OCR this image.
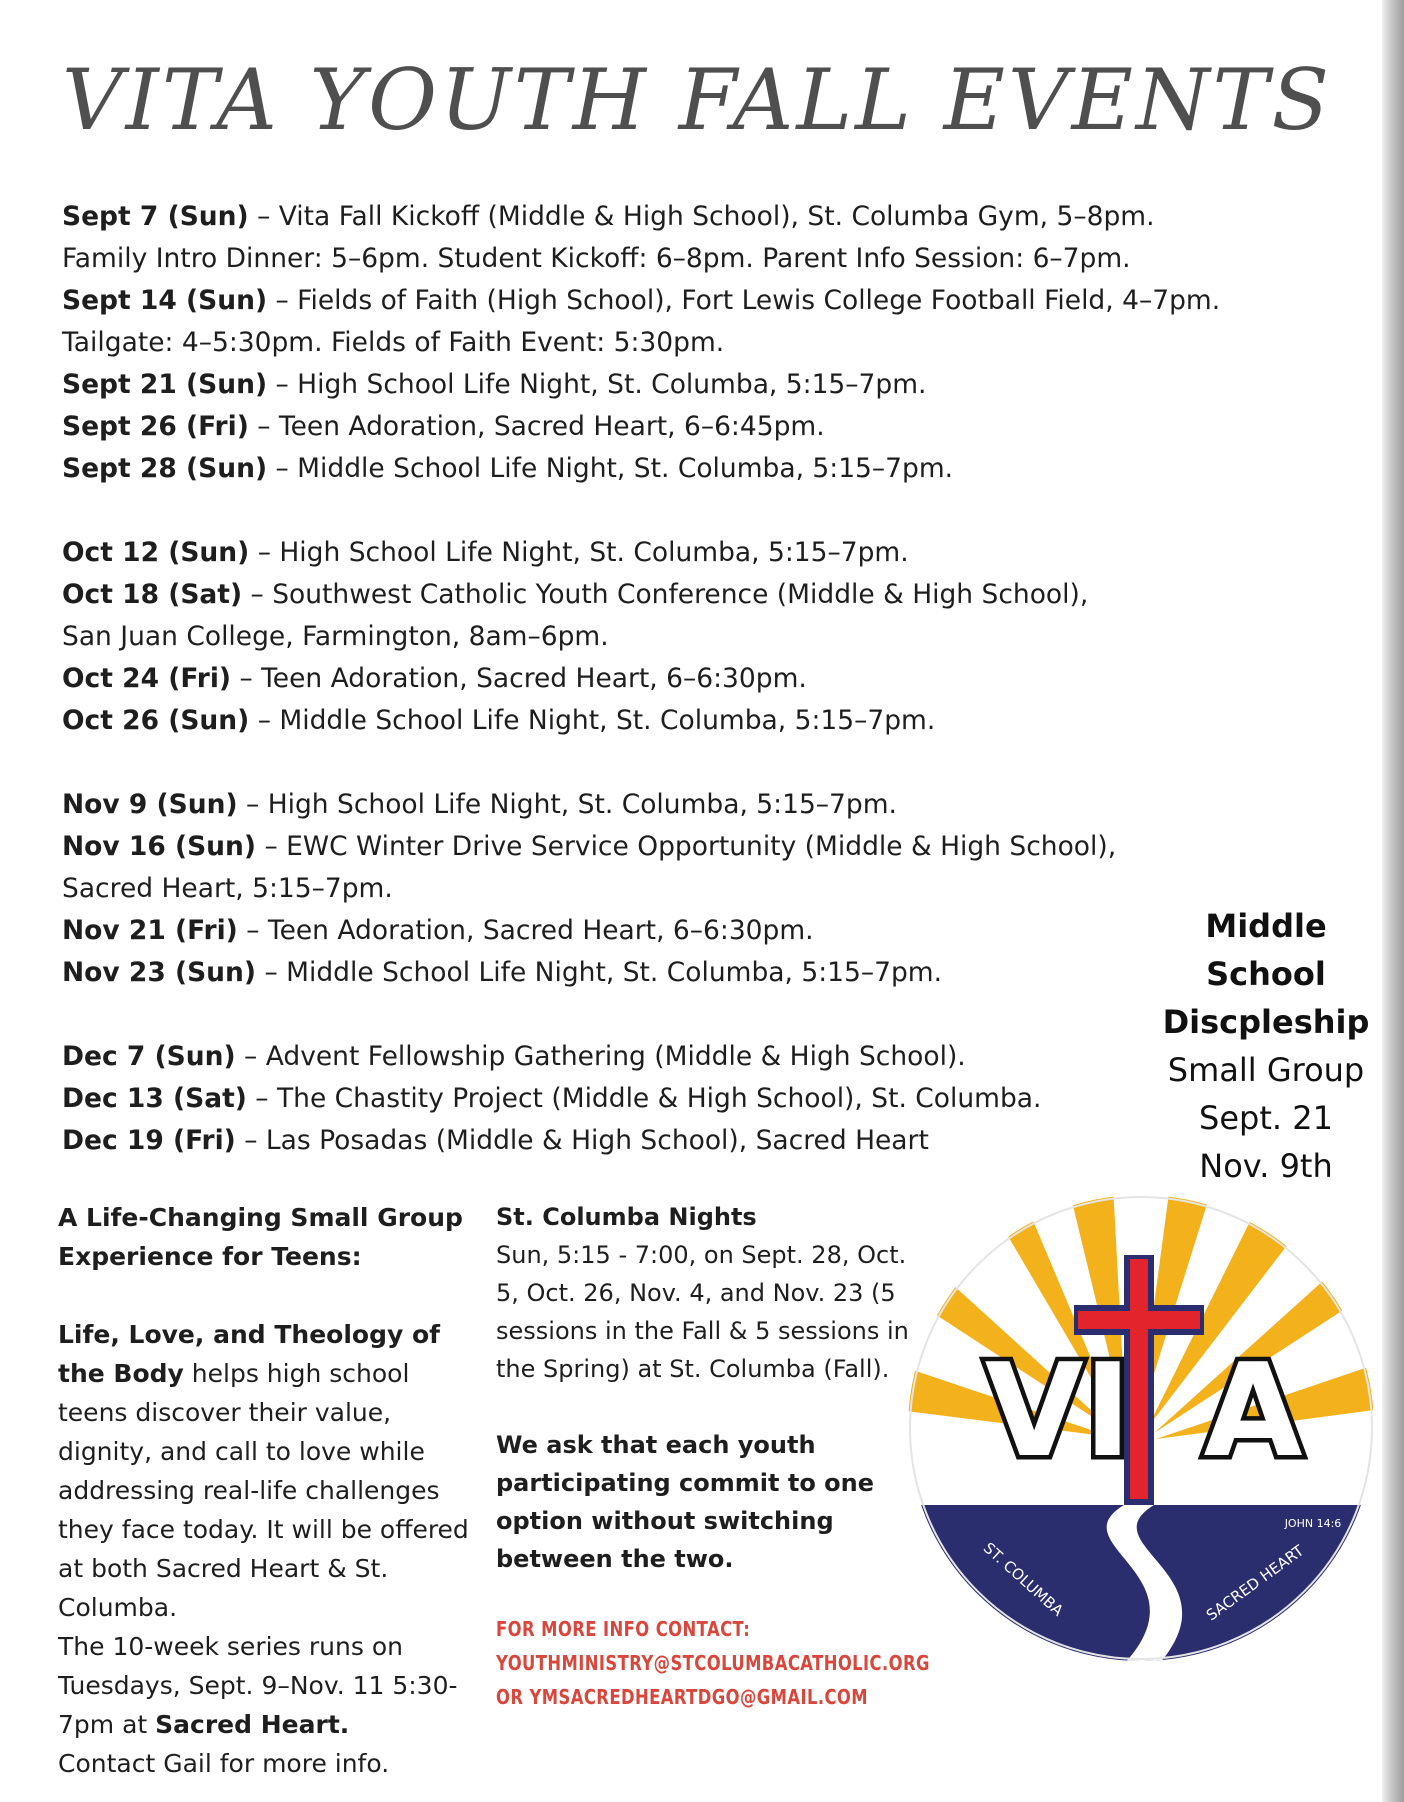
VITA YOUTH FALL EVENTS

Sept 7 (Sun) – Vita Fall Kickoff (Middle & High School), St. Columba Gym, 5–8pm.

Family Intro Dinner: 5–6pm. Student Kickoff: 6–8pm. Parent Info Session: 6–7pm.

Sept 14 (Sun) – Fields of Faith (High School), Fort Lewis College Football Field, 4–7pm.

Tailgate: 4–5:30pm. Fields of Faith Event: 5:30pm.

Sept 21 (Sun) – High School Life Night, St. Columba, 5:15–7pm.

Sept 26 (Fri) – Teen Adoration, Sacred Heart, 6–6:45pm.

Sept 28 (Sun) – Middle School Life Night, St. Columba, 5:15–7pm.

Oct 12 (Sun) – High School Life Night, St. Columba, 5:15–7pm.

Oct 18 (Sat) – Southwest Catholic Youth Conference (Middle & High School),

San Juan College, Farmington, 8am–6pm.

Oct 24 (Fri) – Teen Adoration, Sacred Heart, 6–6:30pm.

Oct 26 (Sun) – Middle School Life Night, St. Columba, 5:15–7pm.

Nov 9 (Sun) – High School Life Night, St. Columba, 5:15–7pm.

Nov 16 (Sun) – EWC Winter Drive Service Opportunity (Middle & High School),

Sacred Heart, 5:15–7pm.

Nov 21 (Fri) – Teen Adoration, Sacred Heart, 6–6:30pm.

Nov 23 (Sun) – Middle School Life Night, St. Columba, 5:15–7pm.

Dec 7 (Sun) – Advent Fellowship Gathering (Middle & High School).

Dec 13 (Sat) – The Chastity Project (Middle & High School), St. Columba.

Dec 19 (Fri) – Las Posadas (Middle & High School), Sacred Heart

Middle
School
Discpleship
Small Group
Sept. 21
Nov. 9th

A Life-Changing Small Group Experience for Teens:

Life, Love, and Theology of the Body helps high school teens discover their value, dignity, and call to love while addressing real-life challenges they face today. It will be offered at both Sacred Heart & St. Columba.

The 10-week series runs on Tuesdays, Sept. 9–Nov. 11 5:30-7pm at Sacred Heart.

Contact Gail for more info.

St. Columba Nights

Sun, 5:15 - 7:00, on Sept. 28, Oct. 5, Oct. 26, Nov. 4, and Nov. 23 (5 sessions in the Fall & 5 sessions in the Spring) at St. Columba (Fall).

We ask that each youth participating commit to one option without switching between the two.

FOR MORE INFO CONTACT:
YOUTHMINISTRY@STCOLUMBACATHOLIC.ORG
OR YMSACREDHEARTDGO@GMAIL.COM
VI A
JOHN 14:6
ST. COLUMBA	SACRED HEART
